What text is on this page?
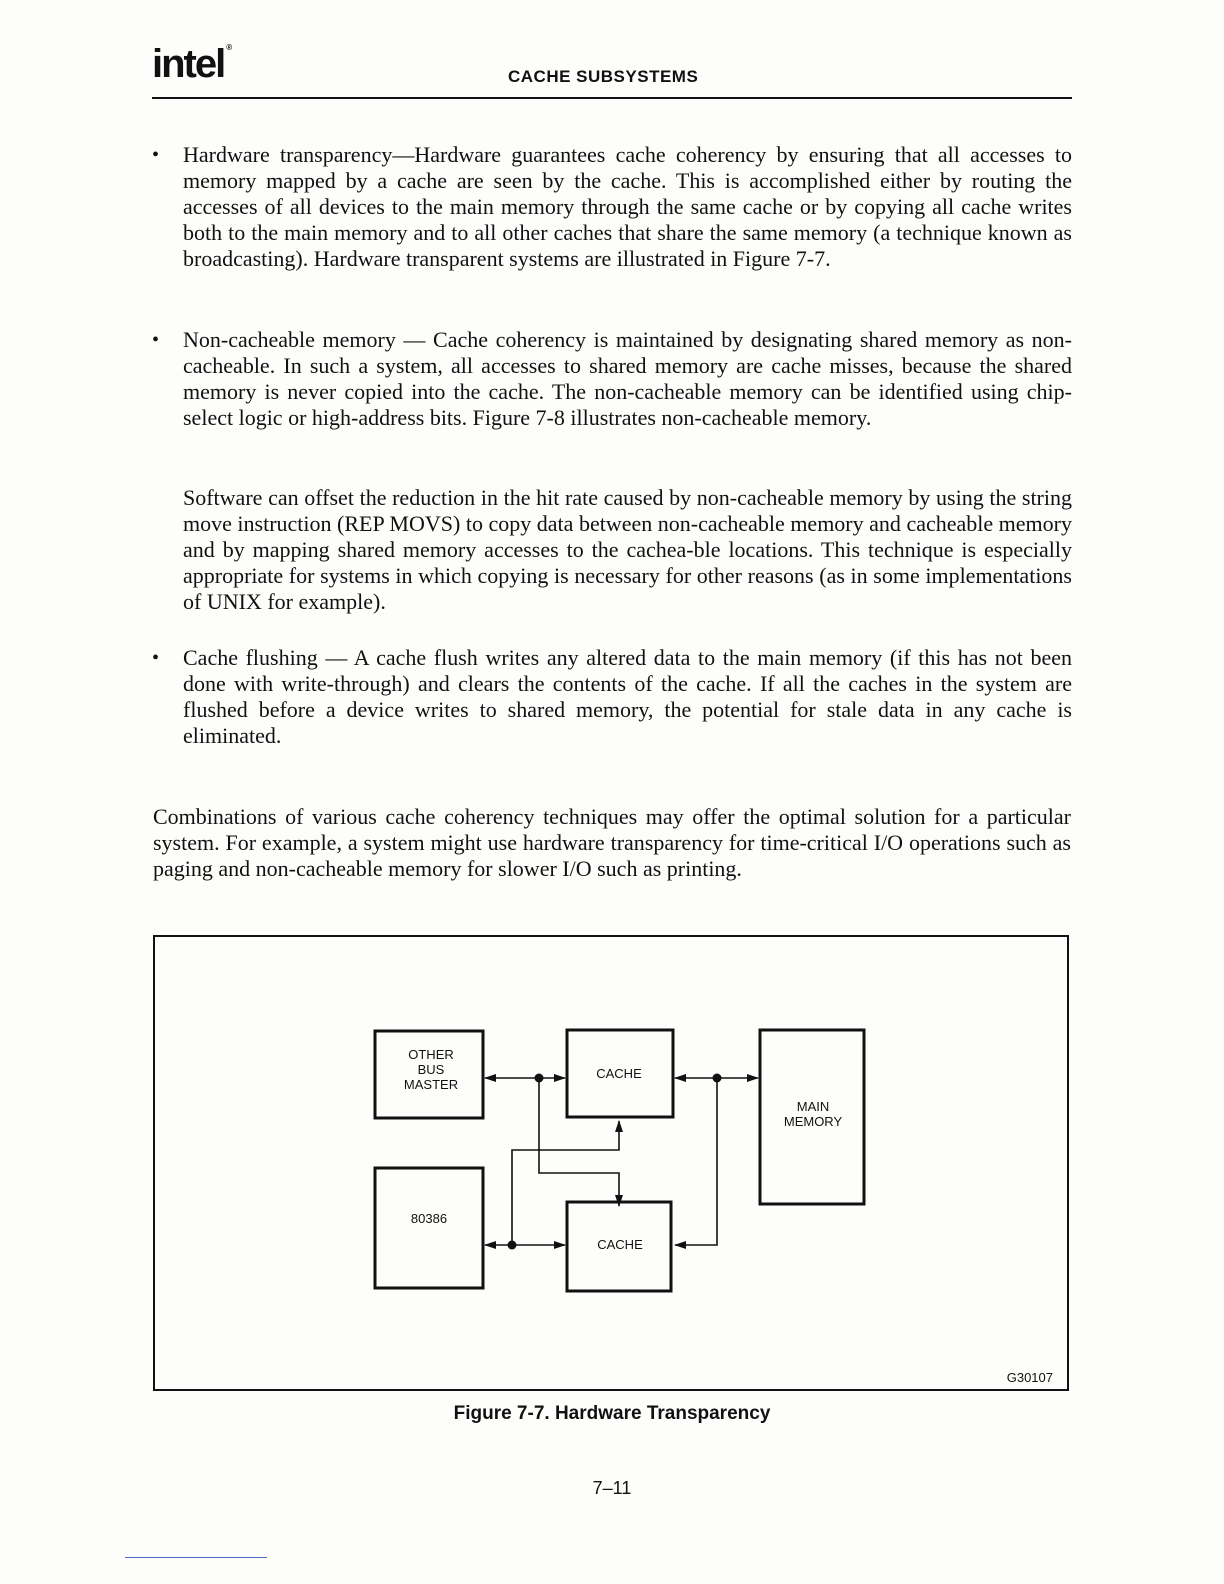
intel ®
CACHE SUBSYSTEMS
• Hardware transparency—Hardware guarantees cache coherency by ensuring that all accesses to memory mapped by a cache are seen by the cache. This is accomplished either by routing the accesses of all devices to the main memory through the same cache or by copying all cache writes both to the main memory and to all other caches that share the same memory (a technique known as broadcasting). Hardware transparent systems are illustrated in Figure 7-7.

• Non-cacheable memory — Cache coherency is maintained by designating shared memory as non-cacheable. In such a system, all accesses to shared memory are cache misses, because the shared memory is never copied into the cache. The non-cacheable memory can be identified using chip-select logic or high-address bits. Figure 7-8 illustrates non-cacheable memory.

Software can offset the reduction in the hit rate caused by non-cacheable memory by using the string move instruction (REP MOVS) to copy data between non-cacheable memory and cacheable memory and by mapping shared memory accesses to the cachea-ble locations. This technique is especially appropriate for systems in which copying is necessary for other reasons (as in some implementations of UNIX for example).

• Cache flushing — A cache flush writes any altered data to the main memory (if this has not been done with write-through) and clears the contents of the cache. If all the caches in the system are flushed before a device writes to shared memory, the potential for stale data in any cache is eliminated.

Combinations of various cache coherency techniques may offer the optimal solution for a particular system. For example, a system might use hardware transparency for time-critical I/O operations such as paging and non-cacheable memory for slower I/O such as printing.

OTHER
BUS
MASTER
CACHE
MAIN
MEMORY
80386
CACHE
G30107
Figure 7-7. Hardware Transparency
7–11
